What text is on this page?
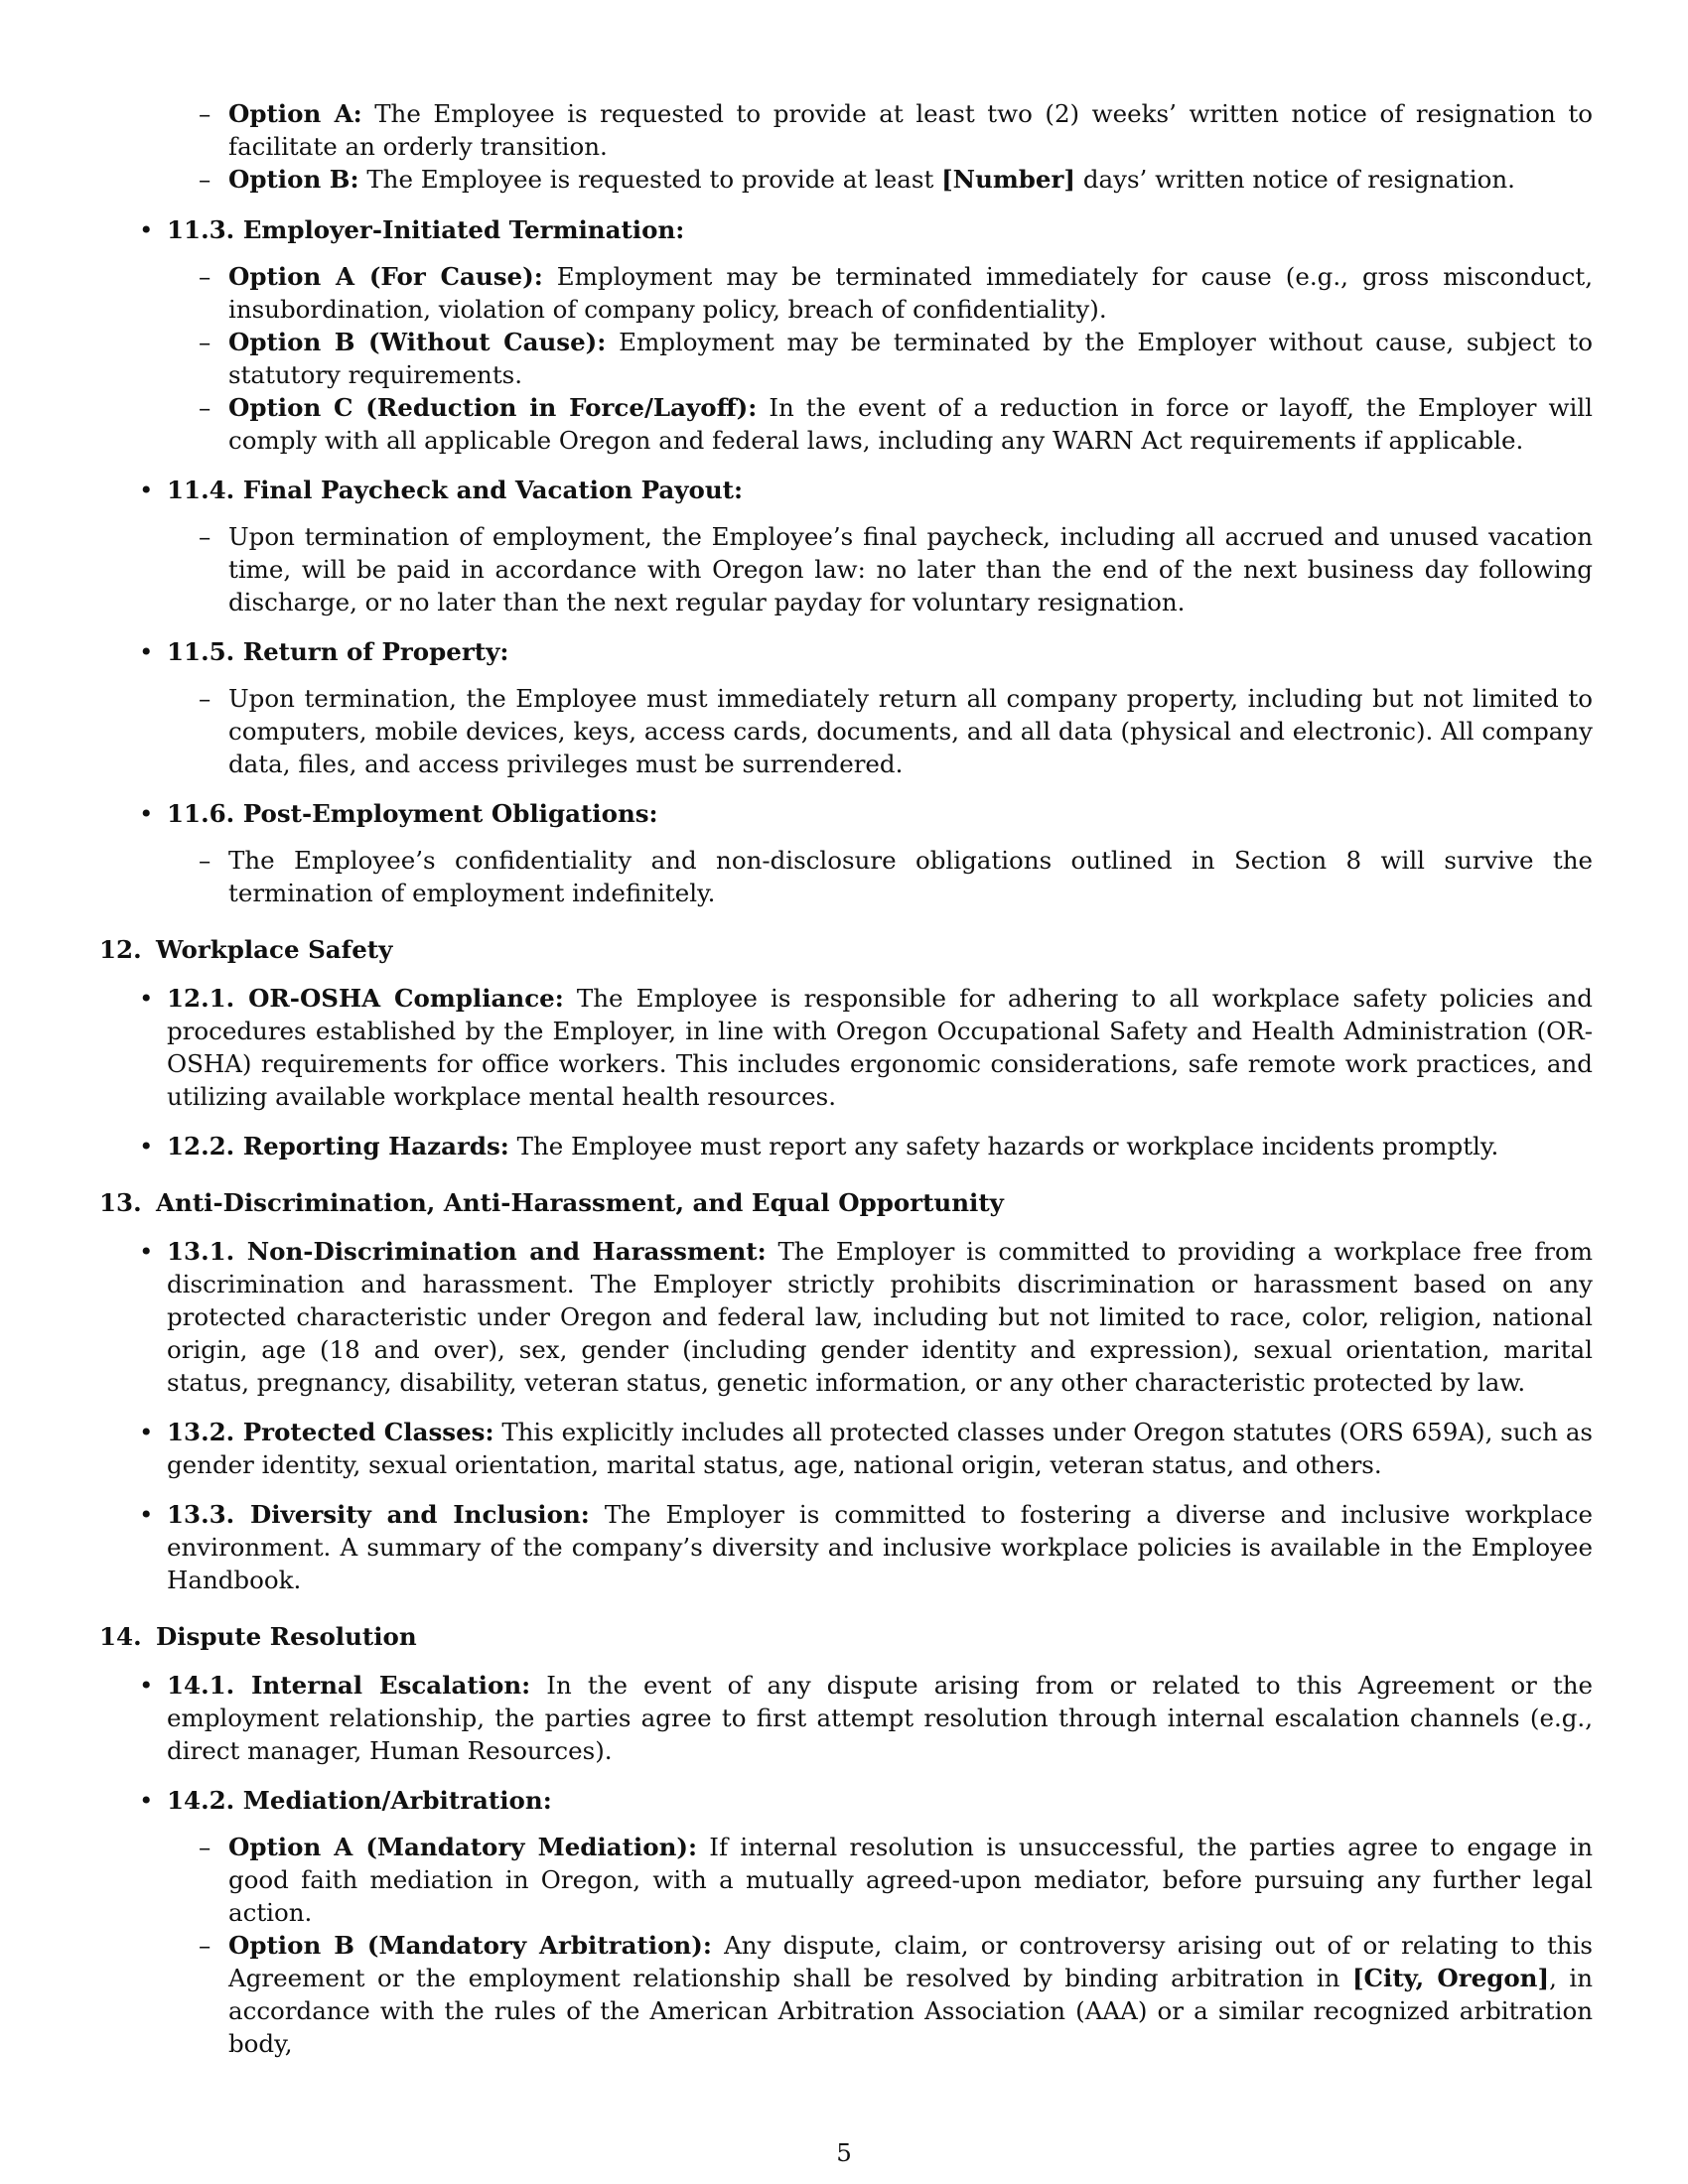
– Option A: The Employee is requested to provide at least two (2) weeks’ written notice of resignation to facilitate an orderly transition.
– Option B: The Employee is requested to provide at least [Number] days’ written notice of resignation.
• 11.3. Employer-Initiated Termination:
– Option A (For Cause): Employment may be terminated immediately for cause (e.g., gross misconduct, insubordination, violation of company policy, breach of confidentiality).
– Option B (Without Cause): Employment may be terminated by the Employer without cause, subject to statutory requirements.
– Option C (Reduction in Force/Layoff): In the event of a reduction in force or layoff, the Employer will comply with all applicable Oregon and federal laws, including any WARN Act requirements if applicable.
• 11.4. Final Paycheck and Vacation Payout:
– Upon termination of employment, the Employee’s final paycheck, including all accrued and unused vacation time, will be paid in accordance with Oregon law: no later than the end of the next business day following discharge, or no later than the next regular payday for voluntary resignation.
• 11.5. Return of Property:
– Upon termination, the Employee must immediately return all company property, including but not limited to computers, mobile devices, keys, access cards, documents, and all data (physical and electronic). All company data, files, and access privileges must be surrendered.
• 11.6. Post-Employment Obligations:
– The Employee’s confidentiality and non-disclosure obligations outlined in Section 8 will survive the termination of employment indefinitely.
12. Workplace Safety
• 12.1. OR-OSHA Compliance: The Employee is responsible for adhering to all workplace safety policies and procedures established by the Employer, in line with Oregon Occupational Safety and Health Administration (OR-OSHA) requirements for office workers. This includes ergonomic considerations, safe remote work practices, and utilizing available workplace mental health resources.
• 12.2. Reporting Hazards: The Employee must report any safety hazards or workplace incidents promptly.
13. Anti-Discrimination, Anti-Harassment, and Equal Opportunity
• 13.1. Non-Discrimination and Harassment: The Employer is committed to providing a workplace free from discrimination and harassment. The Employer strictly prohibits discrimination or harassment based on any protected characteristic under Oregon and federal law, including but not limited to race, color, religion, national origin, age (18 and over), sex, gender (including gender identity and expression), sexual orientation, marital status, pregnancy, disability, veteran status, genetic information, or any other characteristic protected by law.
• 13.2. Protected Classes: This explicitly includes all protected classes under Oregon statutes (ORS 659A), such as gender identity, sexual orientation, marital status, age, national origin, veteran status, and others.
• 13.3. Diversity and Inclusion: The Employer is committed to fostering a diverse and inclusive workplace environment. A summary of the company’s diversity and inclusive workplace policies is available in the Employee Handbook.
14. Dispute Resolution
• 14.1. Internal Escalation: In the event of any dispute arising from or related to this Agreement or the employment relationship, the parties agree to first attempt resolution through internal escalation channels (e.g., direct manager, Human Resources).
• 14.2. Mediation/Arbitration:
– Option A (Mandatory Mediation): If internal resolution is unsuccessful, the parties agree to engage in good faith mediation in Oregon, with a mutually agreed-upon mediator, before pursuing any further legal action.
– Option B (Mandatory Arbitration): Any dispute, claim, or controversy arising out of or relating to this Agreement or the employment relationship shall be resolved by binding arbitration in [City, Oregon], in accordance with the rules of the American Arbitration Association (AAA) or a similar recognized arbitration body,
5
